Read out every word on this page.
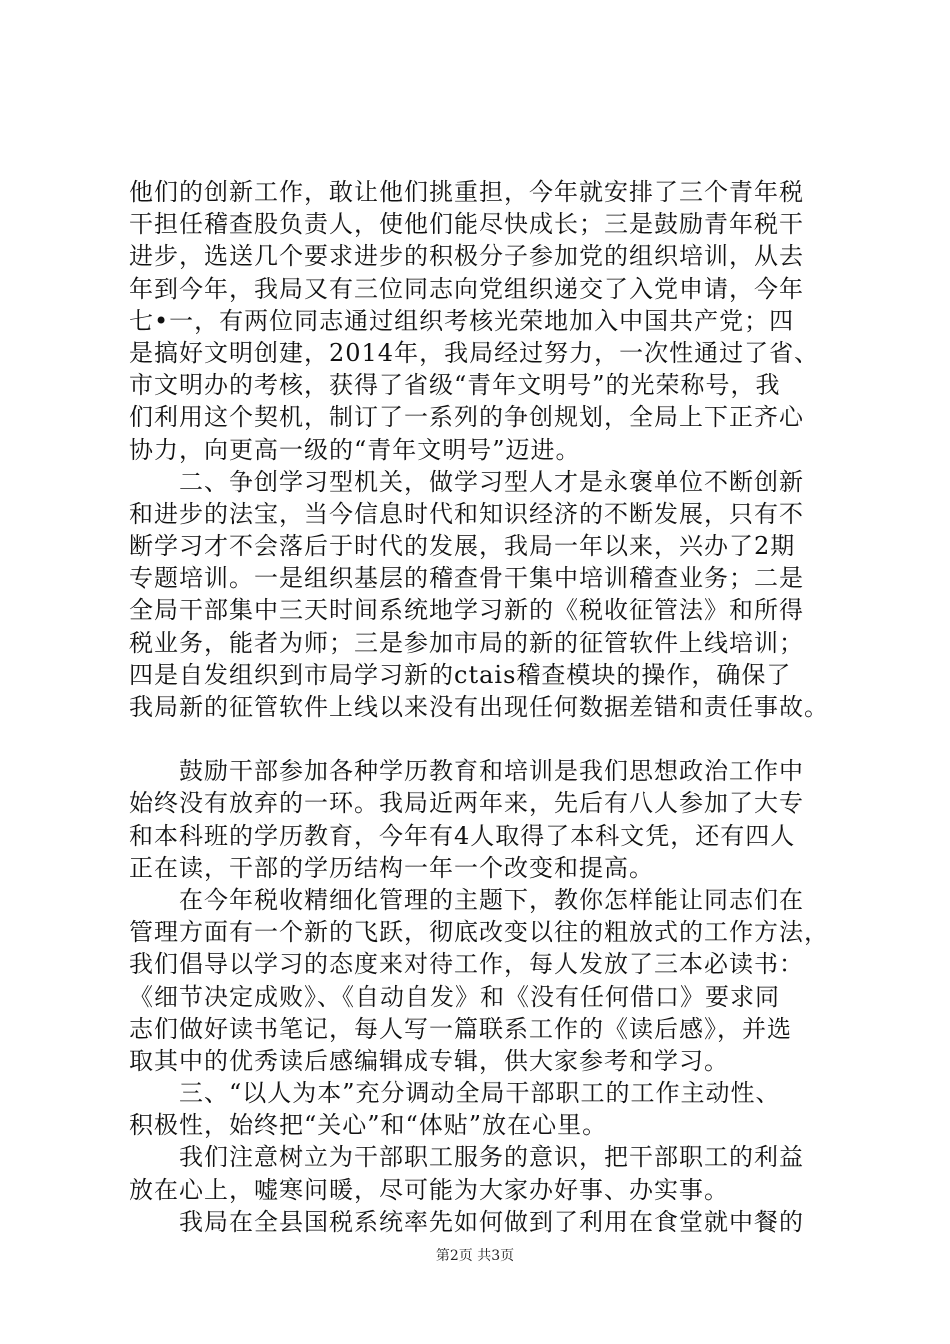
他们的创新工作，敢让他们挑重担，今年就安排了三个青年税
干担任稽查股负责人，使他们能尽快成长；三是鼓励青年税干
进步，选送几个要求进步的积极分子参加党的组织培训，从去
年到今年，我局又有三位同志向党组织递交了入党申请，今年
七•一，有两位同志通过组织考核光荣地加入中国共产党；四
是搞好文明创建，2014年，我局经过努力，一次性通过了省、
市文明办的考核，获得了省级“青年文明号”的光荣称号，我
们利用这个契机，制订了一系列的争创规划，全局上下正齐心
协力，向更高一级的“青年文明号”迈进。
　　二、争创学习型机关，做学习型人才是永褒单位不断创新
和进步的法宝，当今信息时代和知识经济的不断发展，只有不
断学习才不会落后于时代的发展，我局一年以来，兴办了2期
专题培训。一是组织基层的稽查骨干集中培训稽查业务；二是
全局干部集中三天时间系统地学习新的《税收征管法》和所得
税业务，能者为师；三是参加市局的新的征管软件上线培训；
四是自发组织到市局学习新的ctais稽查模块的操作，确保了
我局新的征管软件上线以来没有出现任何数据差错和责任事故。
　　鼓励干部参加各种学历教育和培训是我们思想政治工作中
始终没有放弃的一环。我局近两年来，先后有八人参加了大专
和本科班的学历教育，今年有4人取得了本科文凭，还有四人
正在读，干部的学历结构一年一个改变和提高。
　　在今年税收精细化管理的主题下，教你怎样能让同志们在
管理方面有一个新的飞跃，彻底改变以往的粗放式的工作方法，
我们倡导以学习的态度来对待工作，每人发放了三本必读书：
《细节决定成败》、《自动自发》和《没有任何借口》要求同
志们做好读书笔记，每人写一篇联系工作的《读后感》，并选
取其中的优秀读后感编辑成专辑，供大家参考和学习。
　　三、“以人为本”充分调动全局干部职工的工作主动性、
积极性，始终把“关心”和“体贴”放在心里。
　　我们注意树立为干部职工服务的意识，把干部职工的利益
放在心上，嘘寒问暖，尽可能为大家办好事、办实事。
　　我局在全县国税系统率先如何做到了利用在食堂就中餐的
第2页 共3页
